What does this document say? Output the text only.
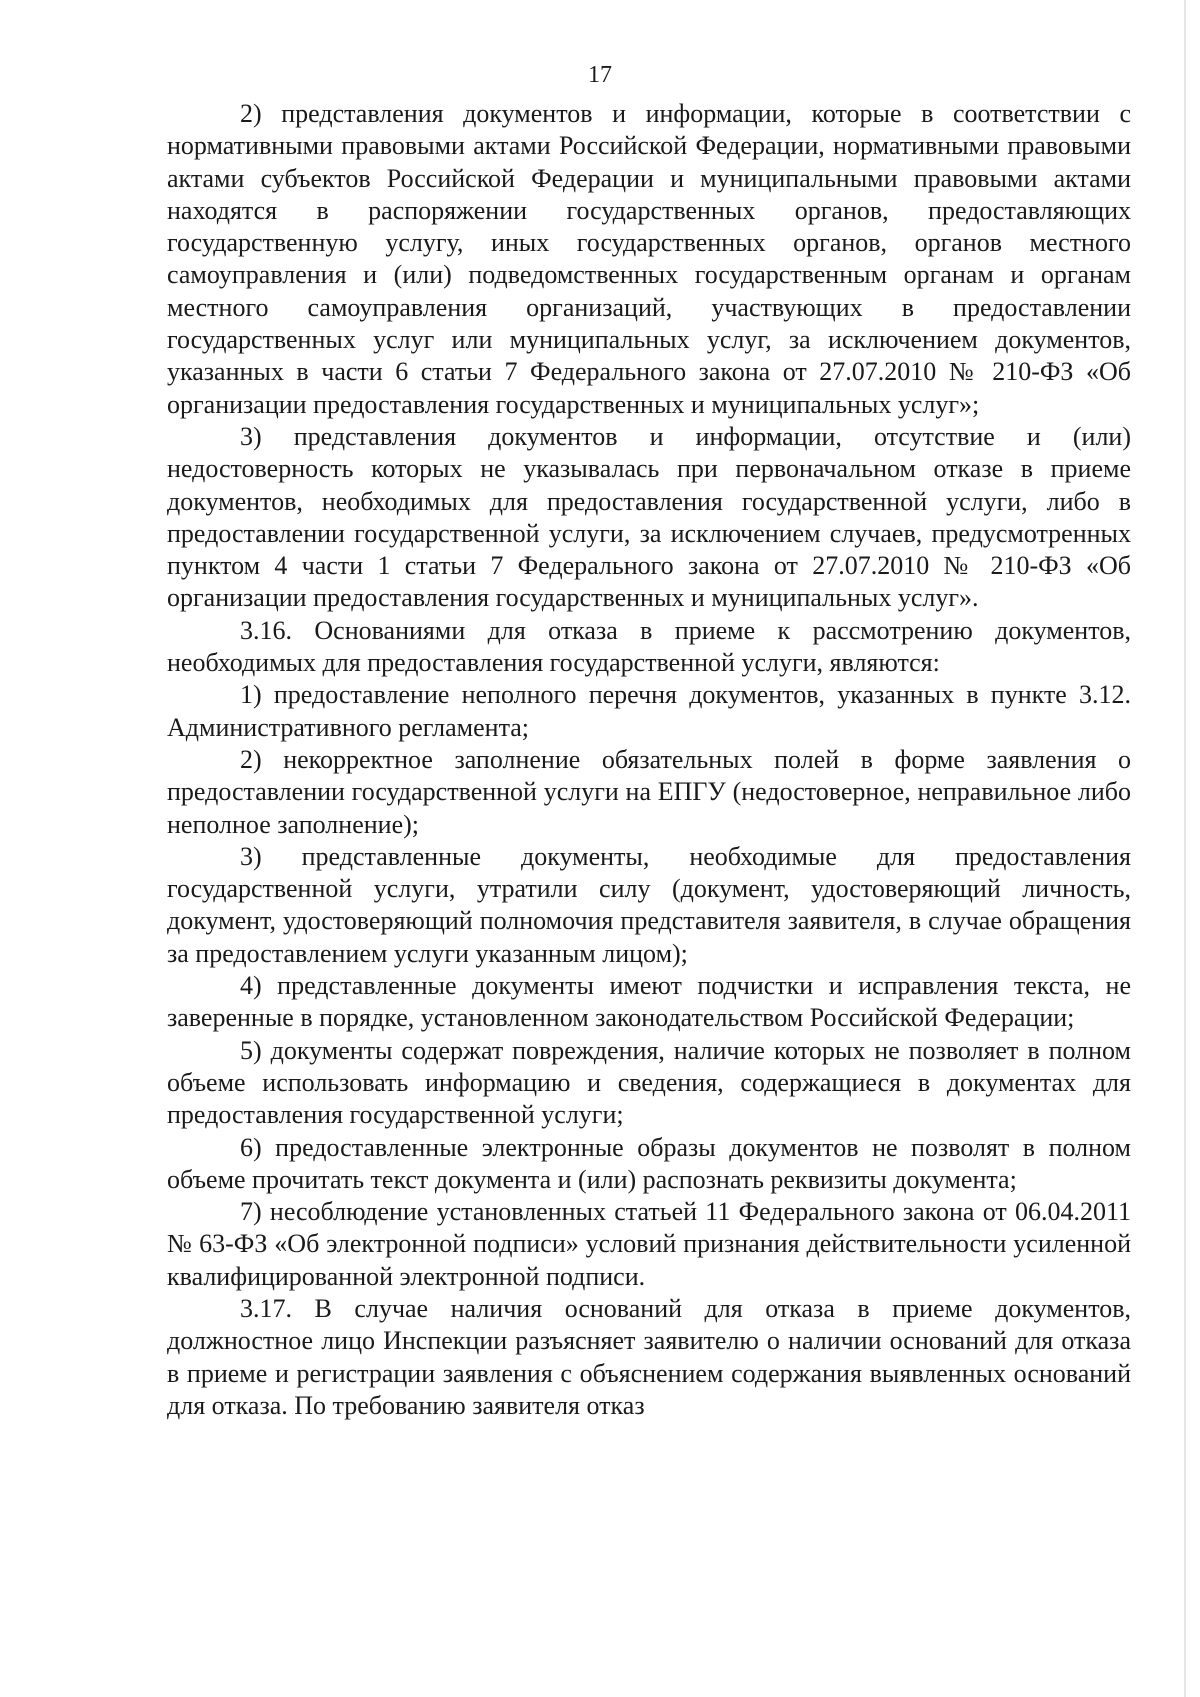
17

2) представления документов и информации, которые в соответствии с нормативными правовыми актами Российской Федерации, нормативными правовыми актами субъектов Российской Федерации и муниципальными правовыми актами находятся в распоряжении государственных органов, предоставляющих государственную услугу, иных государственных органов, органов местного самоуправления и (или) подведомственных государственным органам и органам местного самоуправления организаций, участвующих в предоставлении государственных услуг или муниципальных услуг, за исключением документов, указанных в части 6 статьи 7 Федерального закона от 27.07.2010 № 210-ФЗ «Об организации предоставления государственных и муниципальных услуг»;

3) представления документов и информации, отсутствие и (или) недостоверность которых не указывалась при первоначальном отказе в приеме документов, необходимых для предоставления государственной услуги, либо в предоставлении государственной услуги, за исключением случаев, предусмотренных пунктом 4 части 1 статьи 7 Федерального закона от 27.07.2010 № 210-ФЗ «Об организации предоставления государственных и муниципальных услуг».

3.16. Основаниями для отказа в приеме к рассмотрению документов, необходимых для предоставления государственной услуги, являются:

1) предоставление неполного перечня документов, указанных в пункте 3.12. Административного регламента;

2) некорректное заполнение обязательных полей в форме заявления о предоставлении государственной услуги на ЕПГУ (недостоверное, неправильное либо неполное заполнение);

3) представленные документы, необходимые для предоставления государственной услуги, утратили силу (документ, удостоверяющий личность, документ, удостоверяющий полномочия представителя заявителя, в случае обращения за предоставлением услуги указанным лицом);

4) представленные документы имеют подчистки и исправления текста, не заверенные в порядке, установленном законодательством Российской Федерации;

5) документы содержат повреждения, наличие которых не позволяет в полном объеме использовать информацию и сведения, содержащиеся в документах для предоставления государственной услуги;

6) предоставленные электронные образы документов не позволят в полном объеме прочитать текст документа и (или) распознать реквизиты документа;

7) несоблюдение установленных статьей 11 Федерального закона от 06.04.2011 № 63-ФЗ «Об электронной подписи» условий признания действительности усиленной квалифицированной электронной подписи.

3.17. В случае наличия оснований для отказа в приеме документов, должностное лицо Инспекции разъясняет заявителю о наличии оснований для отказа в приеме и регистрации заявления с объяснением содержания выявленных оснований для отказа. По требованию заявителя отказ
